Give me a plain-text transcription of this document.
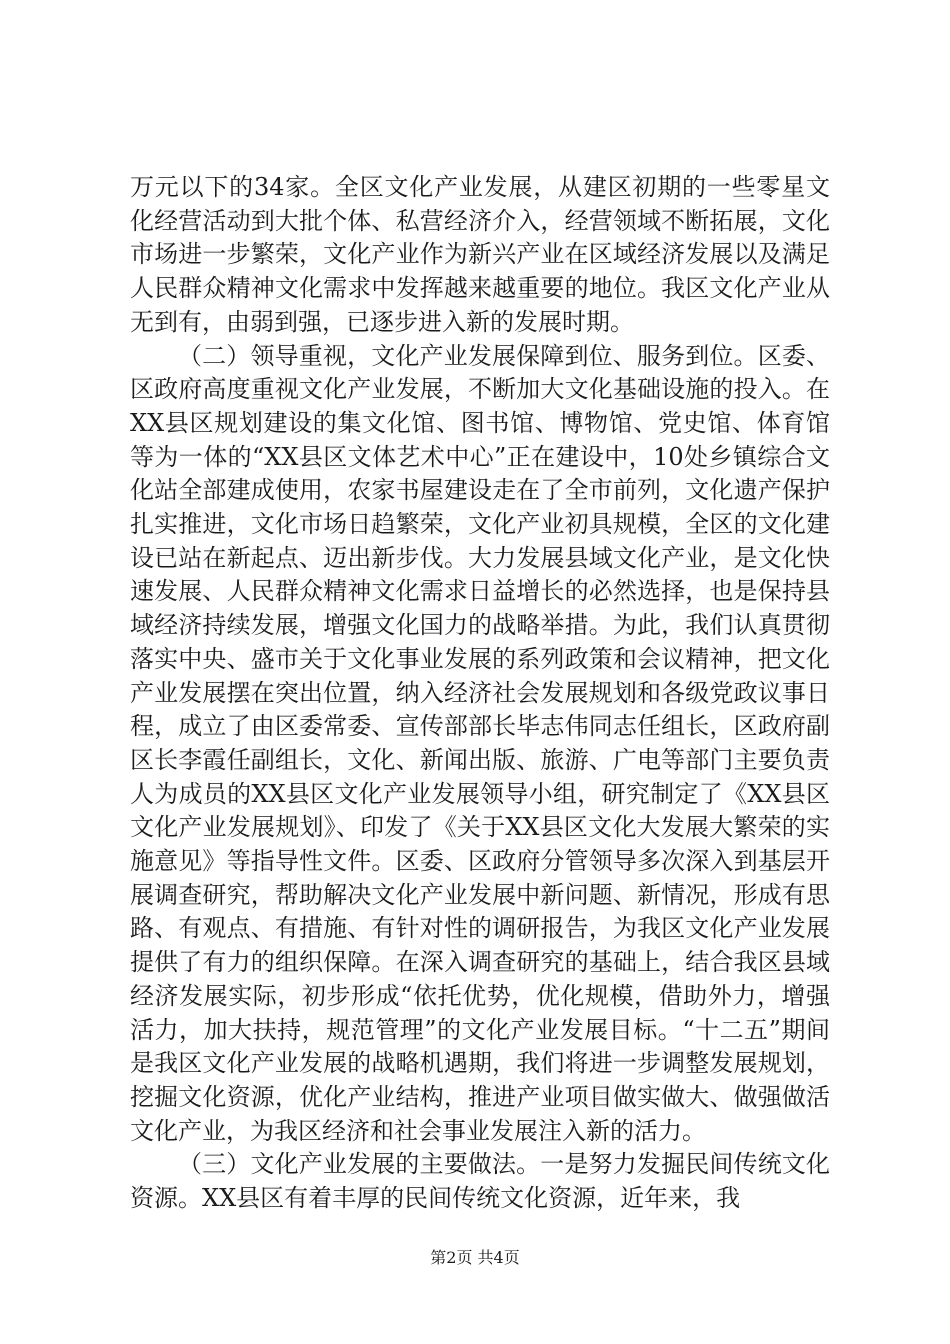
万元以下的34家。全区文化产业发展，从建区初期的一些零星文化经营活动到大批个体、私营经济介入，经营领域不断拓展，文化市场进一步繁荣，文化产业作为新兴产业在区域经济发展以及满足人民群众精神文化需求中发挥越来越重要的地位。我区文化产业从无到有，由弱到强，已逐步进入新的发展时期。

（二）领导重视，文化产业发展保障到位、服务到位。区委、区政府高度重视文化产业发展，不断加大文化基础设施的投入。在XX县区规划建设的集文化馆、图书馆、博物馆、党史馆、体育馆等为一体的“XX县区文体艺术中心”正在建设中，10处乡镇综合文化站全部建成使用，农家书屋建设走在了全市前列，文化遗产保护扎实推进，文化市场日趋繁荣，文化产业初具规模，全区的文化建设已站在新起点、迈出新步伐。大力发展县域文化产业，是文化快速发展、人民群众精神文化需求日益增长的必然选择，也是保持县域经济持续发展，增强文化国力的战略举措。为此，我们认真贯彻落实中央、盛市关于文化事业发展的系列政策和会议精神，把文化产业发展摆在突出位置，纳入经济社会发展规划和各级党政议事日程，成立了由区委常委、宣传部部长毕志伟同志任组长，区政府副区长李霞任副组长，文化、新闻出版、旅游、广电等部门主要负责人为成员的XX县区文化产业发展领导小组，研究制定了《XX县区文化产业发展规划》、印发了《关于XX县区文化大发展大繁荣的实施意见》等指导性文件。区委、区政府分管领导多次深入到基层开展调查研究，帮助解决文化产业发展中新问题、新情况，形成有思路、有观点、有措施、有针对性的调研报告，为我区文化产业发展提供了有力的组织保障。在深入调查研究的基础上，结合我区县域经济发展实际，初步形成“依托优势，优化规模，借助外力，增强活力，加大扶持，规范管理”的文化产业发展目标。“十二五”期间是我区文化产业发展的战略机遇期，我们将进一步调整发展规划，挖掘文化资源，优化产业结构，推进产业项目做实做大、做强做活文化产业，为我区经济和社会事业发展注入新的活力。

（三）文化产业发展的主要做法。一是努力发掘民间传统文化资源。XX县区有着丰厚的民间传统文化资源，近年来，我

第2页 共4页
